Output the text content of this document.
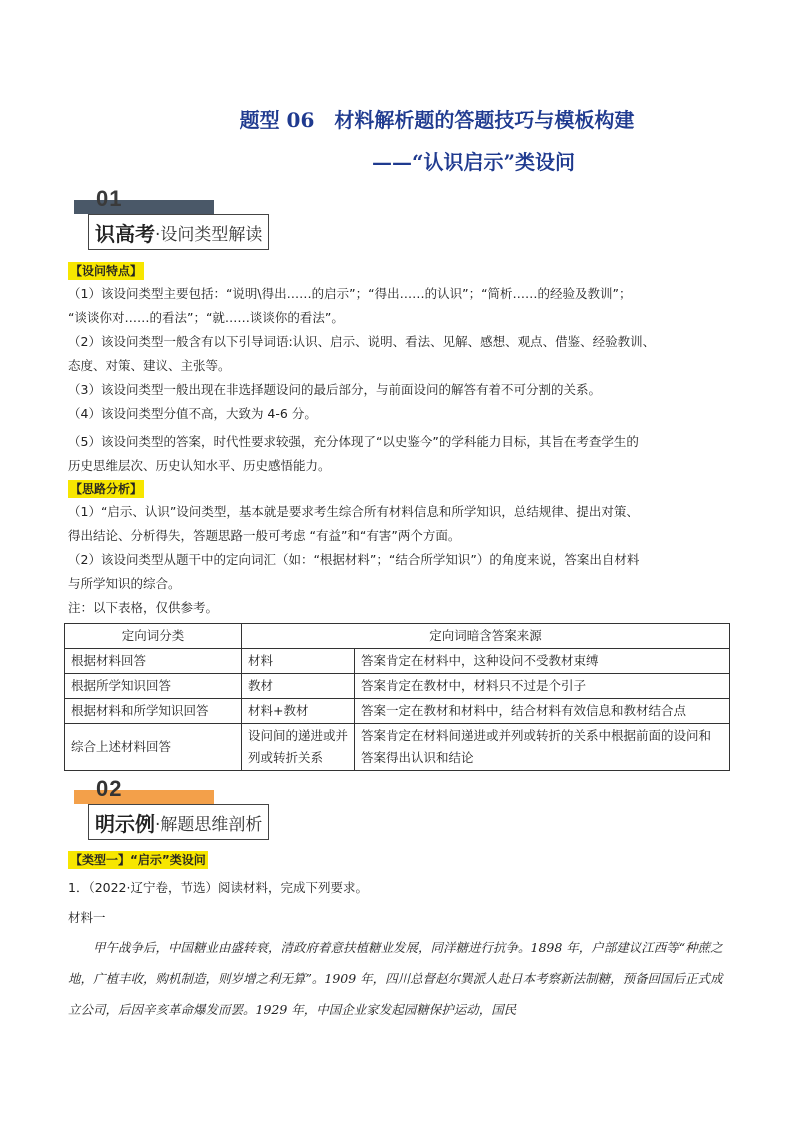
题型 06　材料解析题的答题技巧与模板构建
——“认识启示”类设问
01
识高考 ·设问类型解读
【设问特点】
（1）该设问类型主要包括：“说明\得出……的启示”；“得出……的认识”；“简析……的经验及教训”；
“谈谈你对……的看法”；“就……谈谈你的看法”。
（2）该设问类型一般含有以下引导词语:认识、启示、说明、看法、见解、感想、观点、借鉴、经验教训、
态度、对策、建议、主张等。
（3）该设问类型一般出现在非选择题设问的最后部分，与前面设问的解答有着不可分割的关系。
（4）该设问类型分值不高，大致为 4-6 分。
（5）该设问类型的答案，时代性要求较强，充分体现了“以史鉴今”的学科能力目标，其旨在考查学生的
历史思维层次、历史认知水平、历史感悟能力。
【思路分析】
（1）“启示、认识”设问类型，基本就是要求考生综合所有材料信息和所学知识，总结规律、提出对策、
得出结论、分析得失，答题思路一般可考虑 “有益”和“有害”两个方面。
（2）该设问类型从题干中的定向词汇（如：“根据材料”；“结合所学知识”）的角度来说，答案出自材料
与所学知识的综合。
注：以下表格，仅供参考。
定向词分类	定向词暗含答案来源	
根据材料回答	材料	答案肯定在材料中，这种设问不受教材束缚
根据所学知识回答	教材	答案肯定在教材中，材料只不过是个引子
根据材料和所学知识回答	材料+教材	答案一定在教材和材料中，结合材料有效信息和教材结合点
综合上述材料回答	设问间的递进或并列或转折关系	答案肯定在材料间递进或并列或转折的关系中根据前面的设问和答案得出认识和结论
02
明示例 ·解题思维剖析
【类型一】“启示”类设问
1．（2022·辽宁卷，节选）阅读材料，完成下列要求。
材料一
甲午战争后，中国糖业由盛转衰，清政府着意扶植糖业发展，同洋糖进行抗争。1898 年，户部建议江西等“种蔗之地，广植丰收，购机制造，则岁增之利无算”。1909 年，四川总督赵尔巽派人赴日本考察新法制糖，预备回国后正式成立公司，后因辛亥革命爆发而罢。1929 年，中国企业家发起园糖保护运动，国民
